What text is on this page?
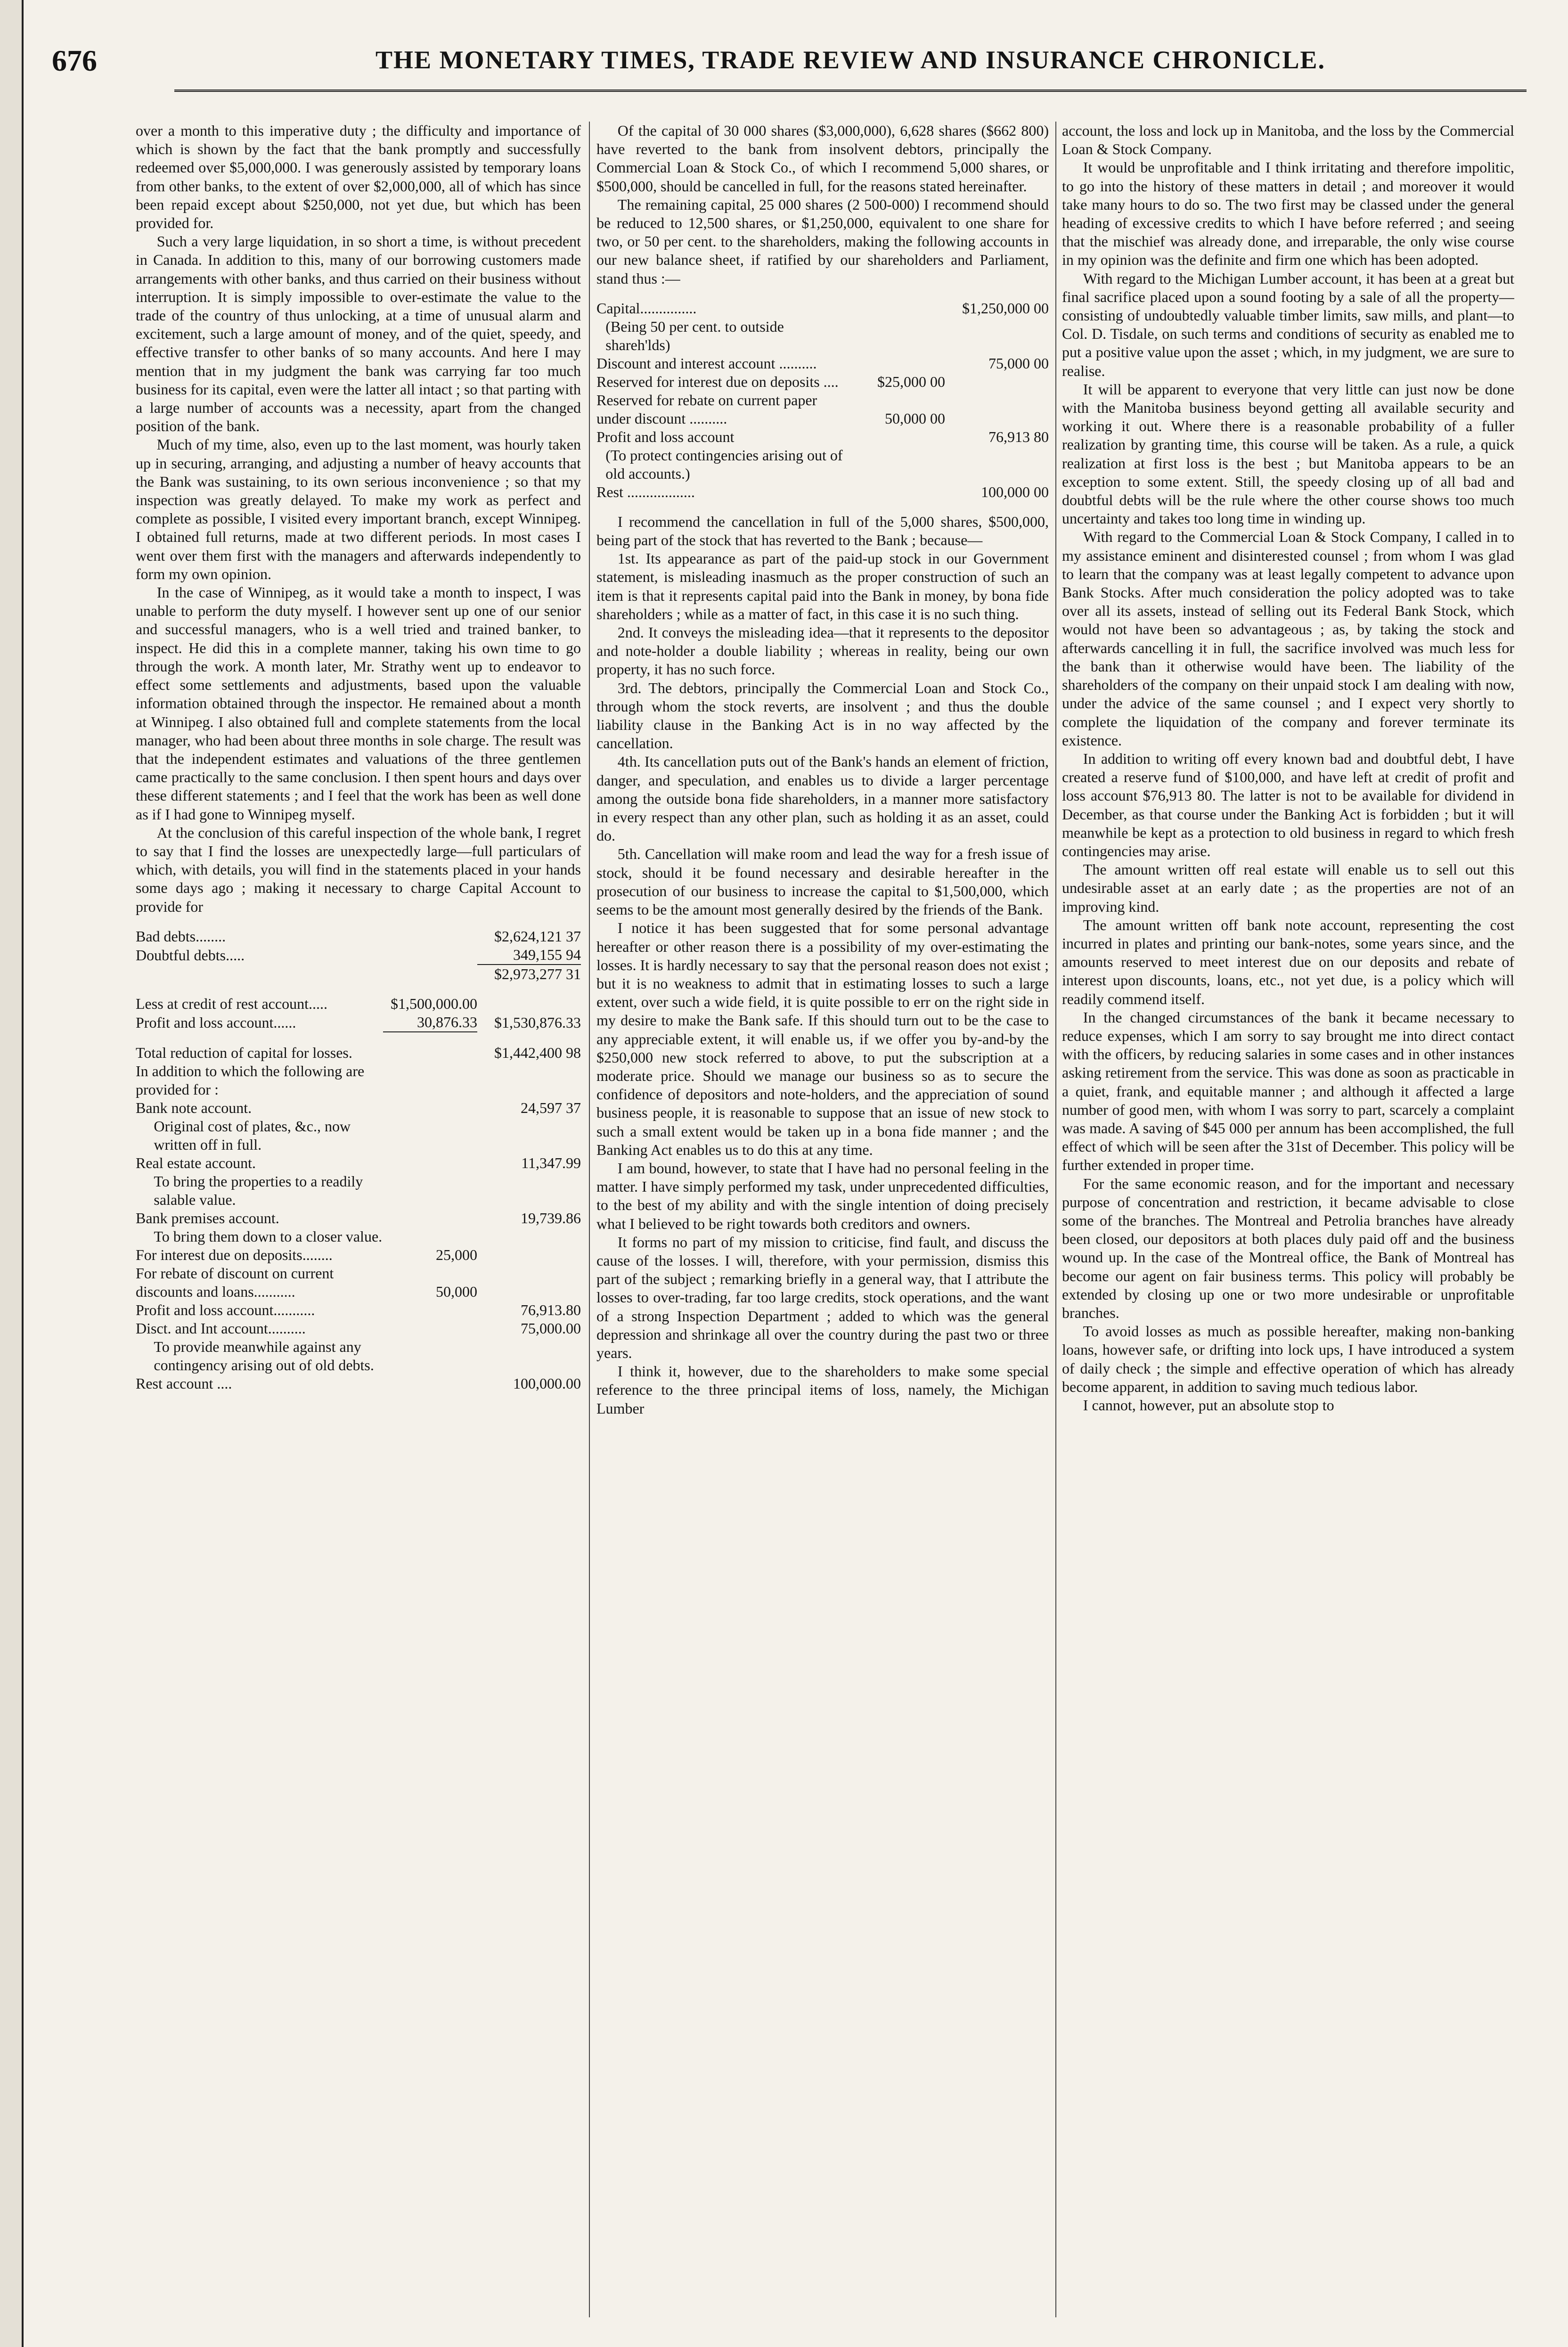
676	THE MONETARY TIMES, TRADE REVIEW AND INSURANCE CHRONICLE.

over a month to this imperative duty ; the difficulty and importance of which is shown by the fact that the bank promptly and successfully redeemed over $5,000,000. I was generously assisted by temporary loans from other banks, to the extent of over $2,000,000, all of which has since been repaid except about $250,000, not yet due, but which has been provided for.

Such a very large liquidation, in so short a time, is without precedent in Canada. In addition to this, many of our borrowing customers made arrangements with other banks, and thus carried on their business without interruption. It is simply impossible to over-estimate the value to the trade of the country of thus unlocking, at a time of unusual alarm and excitement, such a large amount of money, and of the quiet, speedy, and effective transfer to other banks of so many accounts. And here I may mention that in my judgment the bank was carrying far too much business for its capital, even were the latter all intact ; so that parting with a large number of accounts was a necessity, apart from the changed position of the bank.

Much of my time, also, even up to the last moment, was hourly taken up in securing, arranging, and adjusting a number of heavy accounts that the Bank was sustaining, to its own serious inconvenience ; so that my inspection was greatly delayed. To make my work as perfect and complete as possible, I visited every important branch, except Winnipeg. I obtained full returns, made at two different periods. In most cases I went over them first with the managers and afterwards independently to form my own opinion.

In the case of Winnipeg, as it would take a month to inspect, I was unable to perform the duty myself. I however sent up one of our senior and successful managers, who is a well tried and trained banker, to inspect. He did this in a complete manner, taking his own time to go through the work. A month later, Mr. Strathy went up to endeavor to effect some settlements and adjustments, based upon the valuable information obtained through the inspector. He remained about a month at Winnipeg. I also obtained full and complete statements from the local manager, who had been about three months in sole charge. The result was that the independent estimates and valuations of the three gentlemen came practically to the same conclusion. I then spent hours and days over these different statements ; and I feel that the work has been as well done as if I had gone to Winnipeg myself.

At the conclusion of this careful inspection of the whole bank, I regret to say that I find the losses are unexpectedly large—full particulars of which, with details, you will find in the statements placed in your hands some days ago ; making it necessary to charge Capital Account to provide for

Bad debts........		$2,624,121 37
Doubtful debts.....		349,155 94
		$2,973,277 31

Less at credit of rest account.....	$1,500,000.00	
Profit and loss account......	30,876.33	$1,530,876.33

Total reduction of capital for losses.		$1,442,400 98
In addition to which the following are provided for :		
Bank note account.		24,597 37
Original cost of plates, &c., now written off in full.		
Real estate account.		11,347.99
To bring the properties to a readily salable value.		
Bank premises account.		19,739.86
To bring them down to a closer value.		
For interest due on deposits........	25,000	
For rebate of discount on current discounts and loans...........	50,000	
Profit and loss account...........		76,913.80
Disct. and Int account..........		75,000.00
To provide meanwhile against any contingency arising out of old debts.		
Rest account ....		100,000.00

Of the capital of 30 000 shares ($3,000,000), 6,628 shares ($662 800) have reverted to the bank from insolvent debtors, principally the Commercial Loan & Stock Co., of which I recommend 5,000 shares, or $500,000, should be cancelled in full, for the reasons stated hereinafter.

The remaining capital, 25 000 shares (2 500-000) I recommend should be reduced to 12,500 shares, or $1,250,000, equivalent to one share for two, or 50 per cent. to the shareholders, making the following accounts in our new balance sheet, if ratified by our shareholders and Parliament, stand thus :—

Capital...............		$1,250,000 00
(Being 50 per cent. to outside shareh'lds)		
Discount and interest account ..........		75,000 00
Reserved for interest due on deposits ....	$25,000 00	
Reserved for rebate on current paper under discount ..........	50,000 00	
Profit and loss account		76,913 80
(To protect contingencies arising out of old accounts.)		
Rest ..................		100,000 00

I recommend the cancellation in full of the 5,000 shares, $500,000, being part of the stock that has reverted to the Bank ; because—

1st. Its appearance as part of the paid-up stock in our Government statement, is misleading inasmuch as the proper construction of such an item is that it represents capital paid into the Bank in money, by bona fide shareholders ; while as a matter of fact, in this case it is no such thing.

2nd. It conveys the misleading idea—that it represents to the depositor and note-holder a double liability ; whereas in reality, being our own property, it has no such force.

3rd. The debtors, principally the Commercial Loan and Stock Co., through whom the stock reverts, are insolvent ; and thus the double liability clause in the Banking Act is in no way affected by the cancellation.

4th. Its cancellation puts out of the Bank's hands an element of friction, danger, and speculation, and enables us to divide a larger percentage among the outside bona fide shareholders, in a manner more satisfactory in every respect than any other plan, such as holding it as an asset, could do.

5th. Cancellation will make room and lead the way for a fresh issue of stock, should it be found necessary and desirable hereafter in the prosecution of our business to increase the capital to $1,500,000, which seems to be the amount most generally desired by the friends of the Bank.

I notice it has been suggested that for some personal advantage hereafter or other reason there is a possibility of my over-estimating the losses. It is hardly necessary to say that the personal reason does not exist ; but it is no weakness to admit that in estimating losses to such a large extent, over such a wide field, it is quite possible to err on the right side in my desire to make the Bank safe. If this should turn out to be the case to any appreciable extent, it will enable us, if we offer you by-and-by the $250,000 new stock referred to above, to put the subscription at a moderate price. Should we manage our business so as to secure the confidence of depositors and note-holders, and the appreciation of sound business people, it is reasonable to suppose that an issue of new stock to such a small extent would be taken up in a bona fide manner ; and the Banking Act enables us to do this at any time.

I am bound, however, to state that I have had no personal feeling in the matter. I have simply performed my task, under unprecedented difficulties, to the best of my ability and with the single intention of doing precisely what I believed to be right towards both creditors and owners.

It forms no part of my mission to criticise, find fault, and discuss the cause of the losses. I will, therefore, with your permission, dismiss this part of the subject ; remarking briefly in a general way, that I attribute the losses to over-trading, far too large credits, stock operations, and the want of a strong Inspection Department ; added to which was the general depression and shrinkage all over the country during the past two or three years.

I think it, however, due to the shareholders to make some special reference to the three principal items of loss, namely, the Michigan Lumber

account, the loss and lock up in Manitoba, and the loss by the Commercial Loan & Stock Company.

It would be unprofitable and I think irritating and therefore impolitic, to go into the history of these matters in detail ; and moreover it would take many hours to do so. The two first may be classed under the general heading of excessive credits to which I have before referred ; and seeing that the mischief was already done, and irreparable, the only wise course in my opinion was the definite and firm one which has been adopted.

With regard to the Michigan Lumber account, it has been at a great but final sacrifice placed upon a sound footing by a sale of all the property—consisting of undoubtedly valuable timber limits, saw mills, and plant—to Col. D. Tisdale, on such terms and conditions of security as enabled me to put a positive value upon the asset ; which, in my judgment, we are sure to realise.

It will be apparent to everyone that very little can just now be done with the Manitoba business beyond getting all available security and working it out. Where there is a reasonable probability of a fuller realization by granting time, this course will be taken. As a rule, a quick realization at first loss is the best ; but Manitoba appears to be an exception to some extent. Still, the speedy closing up of all bad and doubtful debts will be the rule where the other course shows too much uncertainty and takes too long time in winding up.

With regard to the Commercial Loan & Stock Company, I called in to my assistance eminent and disinterested counsel ; from whom I was glad to learn that the company was at least legally competent to advance upon Bank Stocks. After much consideration the policy adopted was to take over all its assets, instead of selling out its Federal Bank Stock, which would not have been so advantageous ; as, by taking the stock and afterwards cancelling it in full, the sacrifice involved was much less for the bank than it otherwise would have been. The liability of the shareholders of the company on their unpaid stock I am dealing with now, under the advice of the same counsel ; and I expect very shortly to complete the liquidation of the company and forever terminate its existence.

In addition to writing off every known bad and doubtful debt, I have created a reserve fund of $100,000, and have left at credit of profit and loss account $76,913 80. The latter is not to be available for dividend in December, as that course under the Banking Act is forbidden ; but it will meanwhile be kept as a protection to old business in regard to which fresh contingencies may arise.

The amount written off real estate will enable us to sell out this undesirable asset at an early date ; as the properties are not of an improving kind.

The amount written off bank note account, representing the cost incurred in plates and printing our bank-notes, some years since, and the amounts reserved to meet interest due on our deposits and rebate of interest upon discounts, loans, etc., not yet due, is a policy which will readily commend itself.

In the changed circumstances of the bank it became necessary to reduce expenses, which I am sorry to say brought me into direct contact with the officers, by reducing salaries in some cases and in other instances asking retirement from the service. This was done as soon as practicable in a quiet, frank, and equitable manner ; and although it affected a large number of good men, with whom I was sorry to part, scarcely a complaint was made. A saving of $45 000 per annum has been accomplished, the full effect of which will be seen after the 31st of December. This policy will be further extended in proper time.

For the same economic reason, and for the important and necessary purpose of concentration and restriction, it became advisable to close some of the branches. The Montreal and Petrolia branches have already been closed, our depositors at both places duly paid off and the business wound up. In the case of the Montreal office, the Bank of Montreal has become our agent on fair business terms. This policy will probably be extended by closing up one or two more undesirable or unprofitable branches.

To avoid losses as much as possible hereafter, making non-banking loans, however safe, or drifting into lock ups, I have introduced a system of daily check ; the simple and effective operation of which has already become apparent, in addition to saving much tedious labor.

I cannot, however, put an absolute stop to
